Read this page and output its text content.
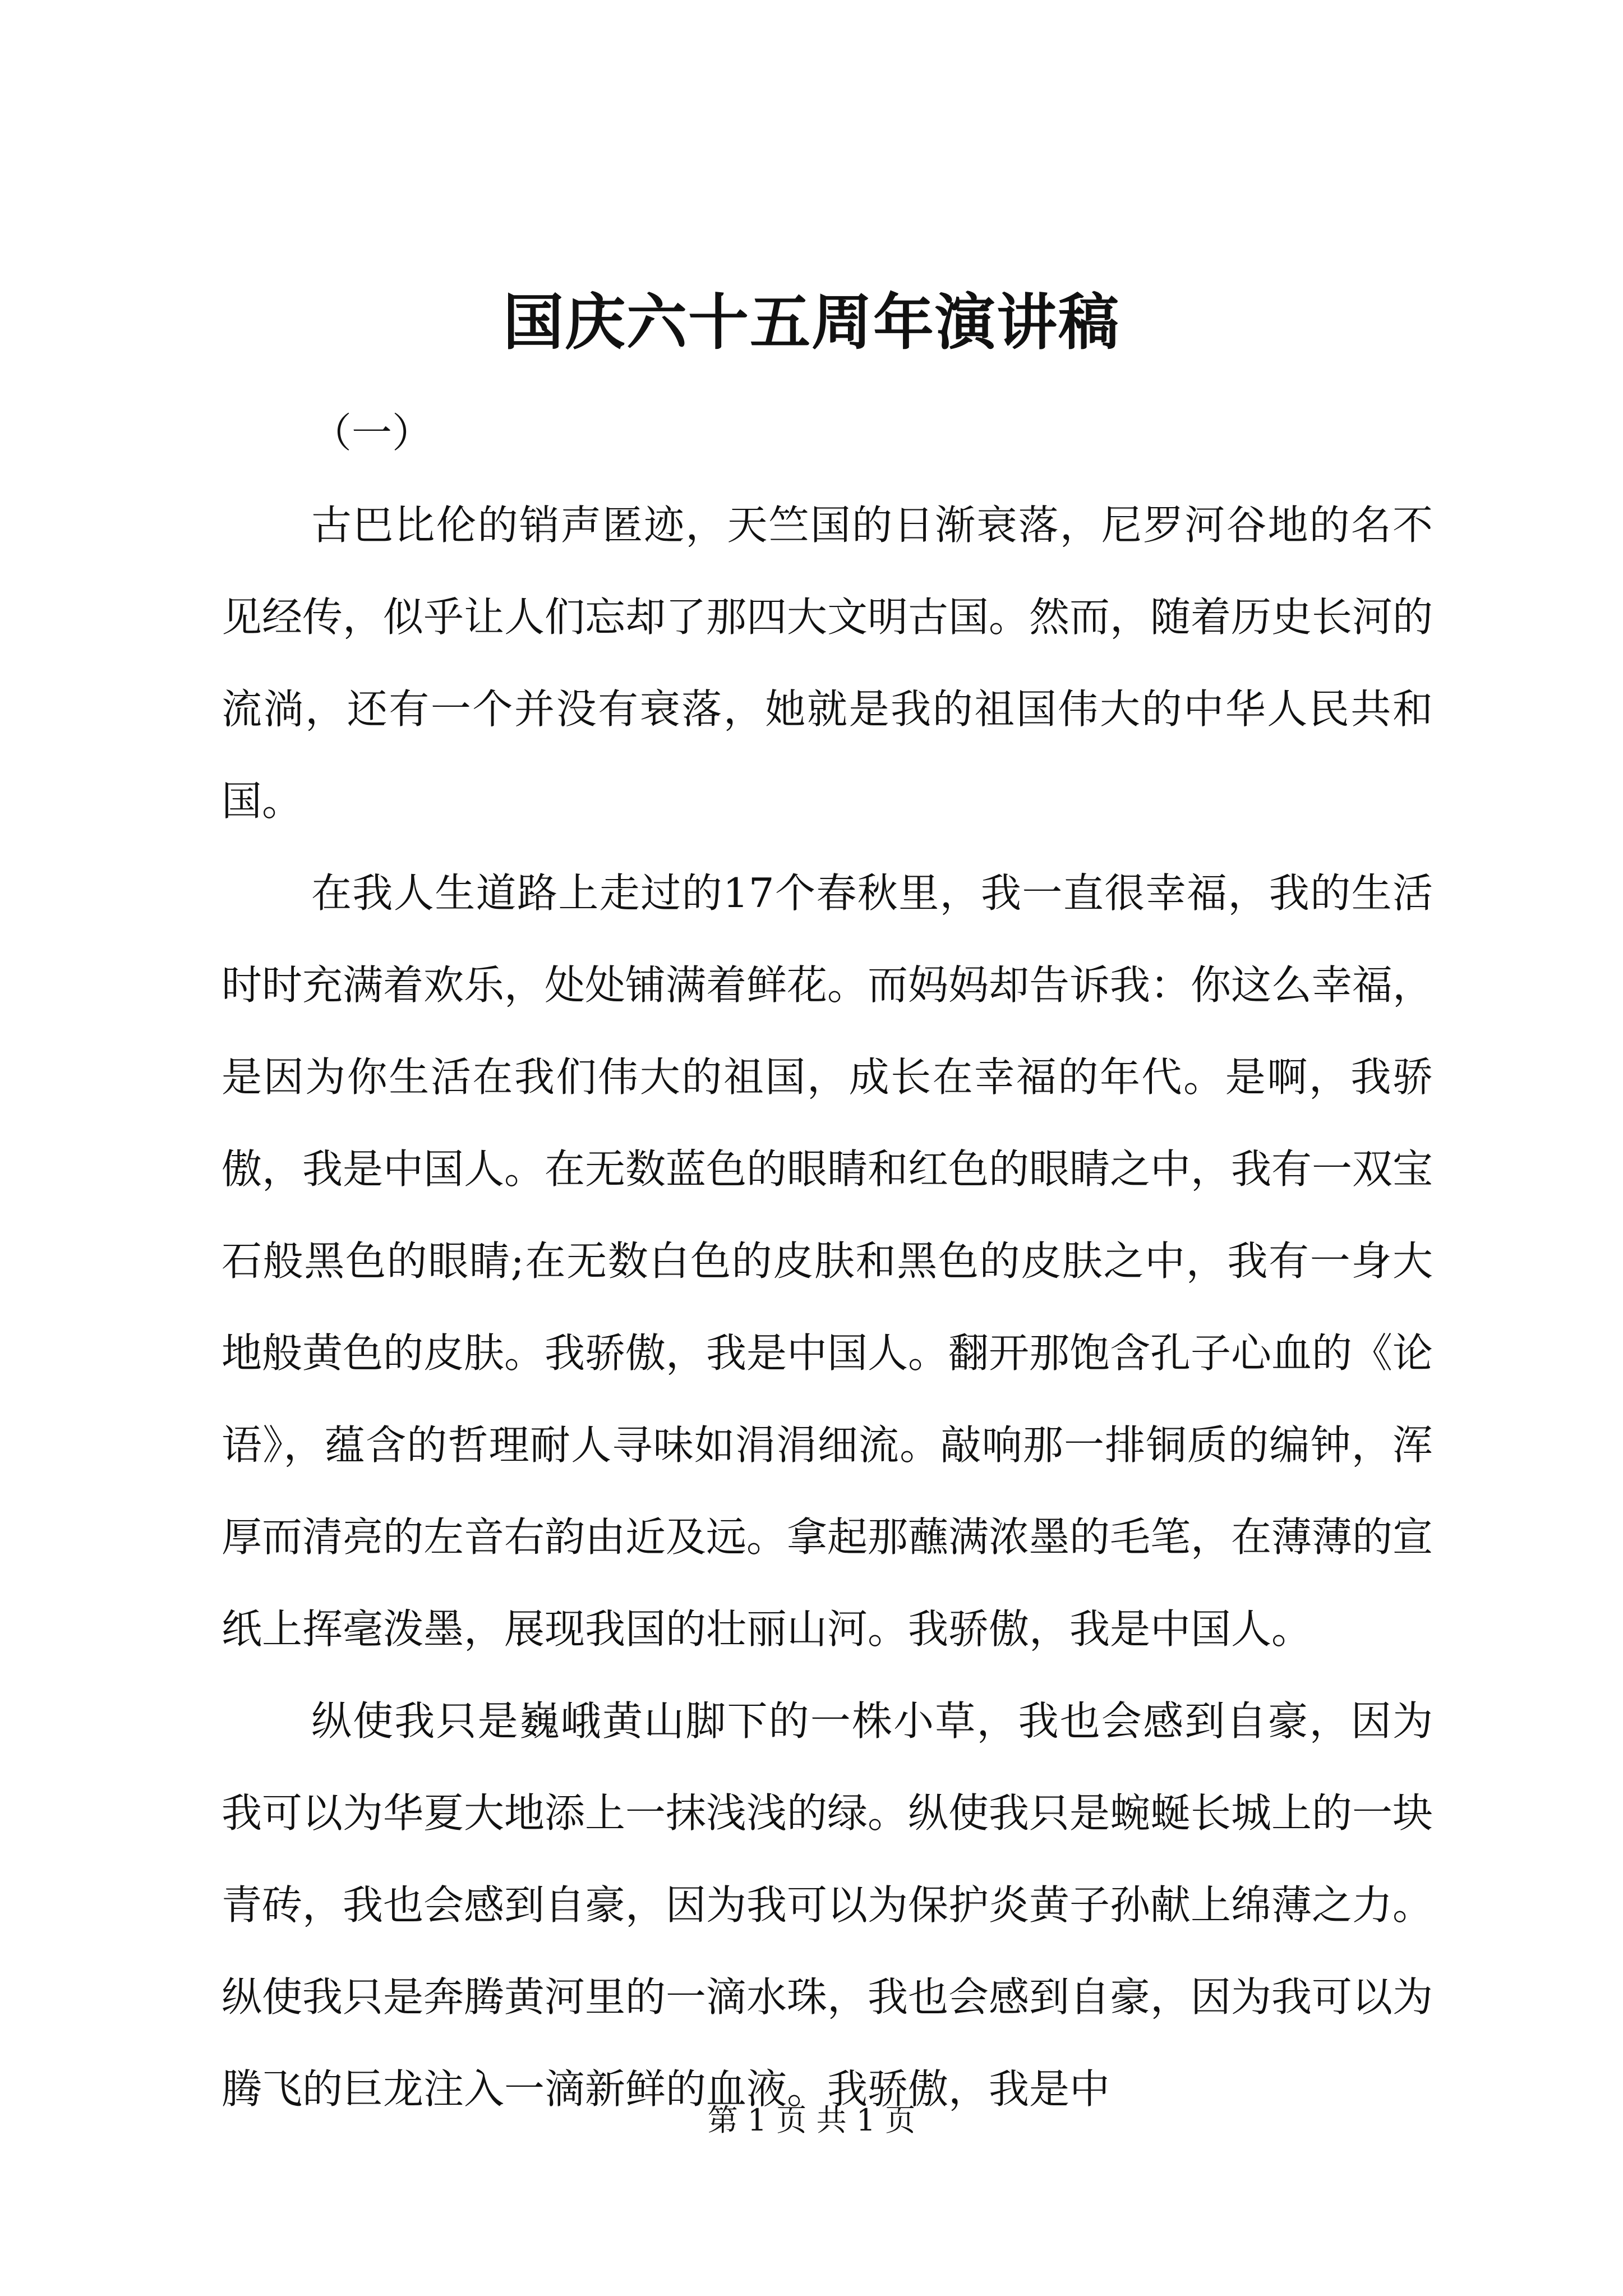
国庆六十五周年演讲稿

（一）

古巴比伦的销声匿迹，天竺国的日渐衰落，尼罗河谷地的名不见经传，似乎让人们忘却了那四大文明古国。然而，随着历史长河的流淌，还有一个并没有衰落，她就是我的祖国伟大的中华人民共和国。

在我人生道路上走过的17个春秋里，我一直很幸福，我的生活时时充满着欢乐，处处铺满着鲜花。而妈妈却告诉我：你这么幸福，是因为你生活在我们伟大的祖国，成长在幸福的年代。是啊，我骄傲，我是中国人。在无数蓝色的眼睛和红色的眼睛之中，我有一双宝石般黑色的眼睛;在无数白色的皮肤和黑色的皮肤之中，我有一身大地般黄色的皮肤。我骄傲，我是中国人。翻开那饱含孔子心血的《论语》，蕴含的哲理耐人寻味如涓涓细流。敲响那一排铜质的编钟，浑厚而清亮的左音右韵由近及远。拿起那蘸满浓墨的毛笔，在薄薄的宣纸上挥毫泼墨，展现我国的壮丽山河。我骄傲，我是中国人。

纵使我只是巍峨黄山脚下的一株小草，我也会感到自豪，因为我可以为华夏大地添上一抹浅浅的绿。纵使我只是蜿蜒长城上的一块青砖，我也会感到自豪，因为我可以为保护炎黄子孙献上绵薄之力。纵使我只是奔腾黄河里的一滴水珠，我也会感到自豪，因为我可以为腾飞的巨龙注入一滴新鲜的血液。我骄傲，我是中

第 1 页 共 1 页
